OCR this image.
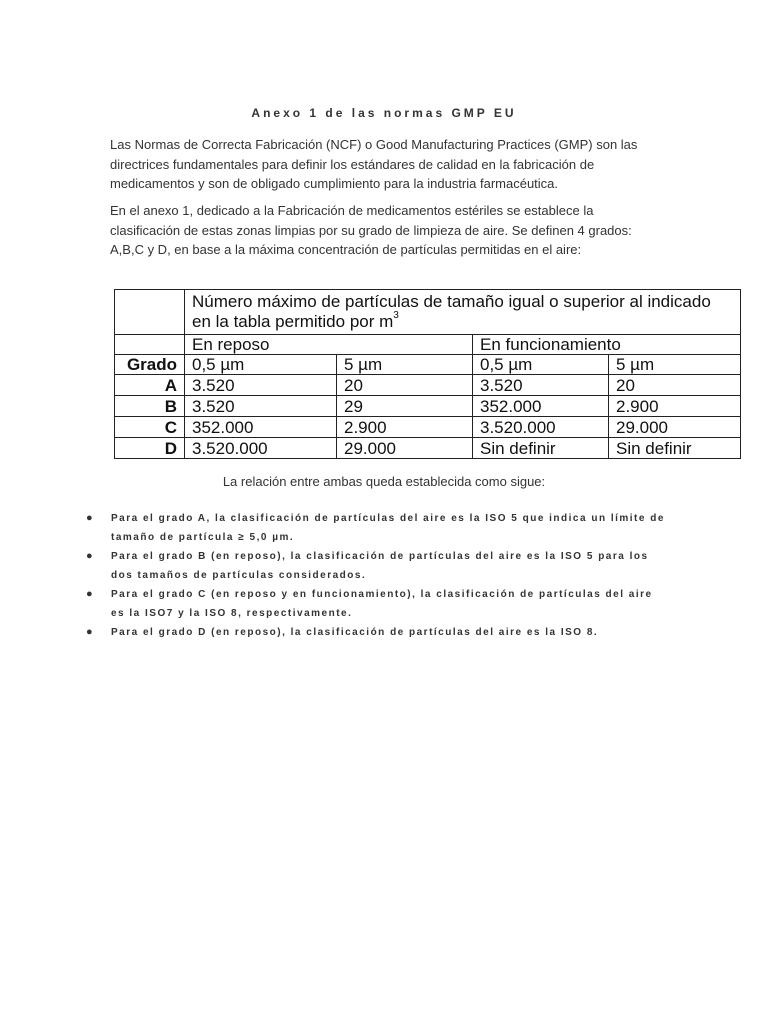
Anexo 1 de las normas GMP EU

Las Normas de Correcta Fabricación (NCF) o Good Manufacturing Practices (GMP) son las directrices fundamentales para definir los estándares de calidad en la fabricación de medicamentos y son de obligado cumplimiento para la industria farmacéutica.

En el anexo 1, dedicado a la Fabricación de medicamentos estériles se establece la clasificación de estas zonas limpias por su grado de limpieza de aire. Se definen 4 grados: A,B,C y D, en base a la máxima concentración de partículas permitidas en el aire:

	Número máximo de partículas de tamaño igual o superior al indicado en la tabla permitido por $m^3$
	En reposo		En funcionamiento	
Grado	0,5 µm	5 µm	0,5 µm	5 µm
A	3.520	20	3.520	20
B	3.520	29	352.000	2.900
C	352.000	2.900	3.520.000	29.000
D	3.520.000	29.000	Sin definir	Sin definir
La relación entre ambas queda establecida como sigue:
● Para el grado A, la clasificación de partículas del aire es la ISO 5 que indica un límite de tamaño de partícula ≥ 5,0 µm.
● Para el grado B (en reposo), la clasificación de partículas del aire es la ISO 5 para los dos tamaños de partículas considerados.
● Para el grado C (en reposo y en funcionamiento), la clasificación de partículas del aire es la ISO7 y la ISO 8, respectivamente.
● Para el grado D (en reposo), la clasificación de partículas del aire es la ISO 8.
